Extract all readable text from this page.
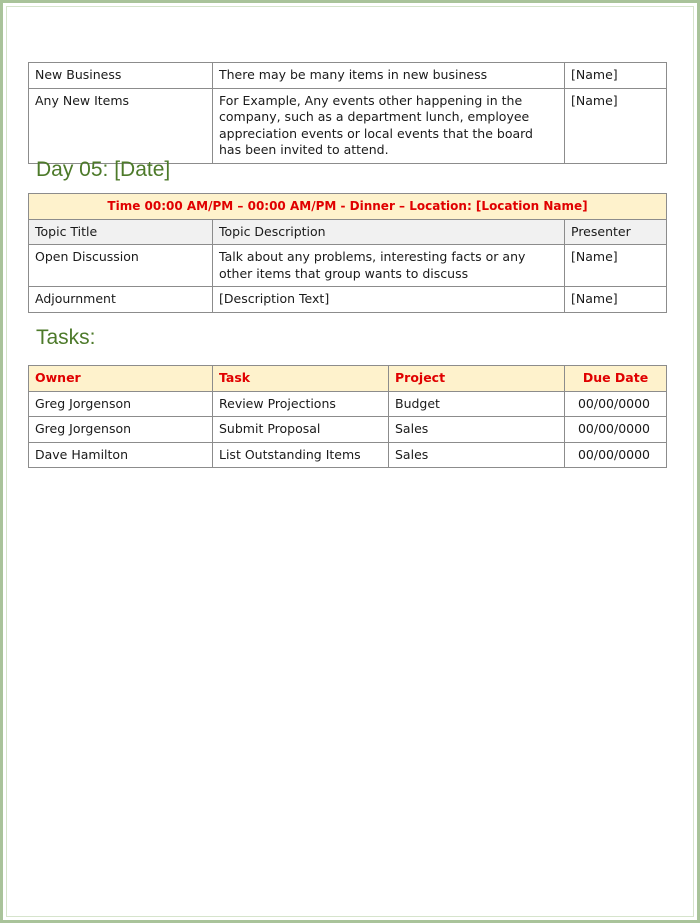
New Business	There may be many items in new business	[Name]
Any New Items	For Example, Any events other happening in the company, such as a department lunch, employee appreciation events or local events that the board has been invited to attend.	[Name]
Day 05: [Date]
Time 00:00 AM/PM – 00:00 AM/PM - Dinner – Location: [Location Name]		
Topic Title	Topic Description	Presenter
Open Discussion	Talk about any problems, interesting facts or any other items that group wants to discuss	[Name]
Adjournment	[Description Text]	[Name]
Tasks:
Owner	Task	Project	Due Date
Greg Jorgenson	Review Projections	Budget	00/00/0000
Greg Jorgenson	Submit Proposal	Sales	00/00/0000
Dave Hamilton	List Outstanding Items	Sales	00/00/0000
